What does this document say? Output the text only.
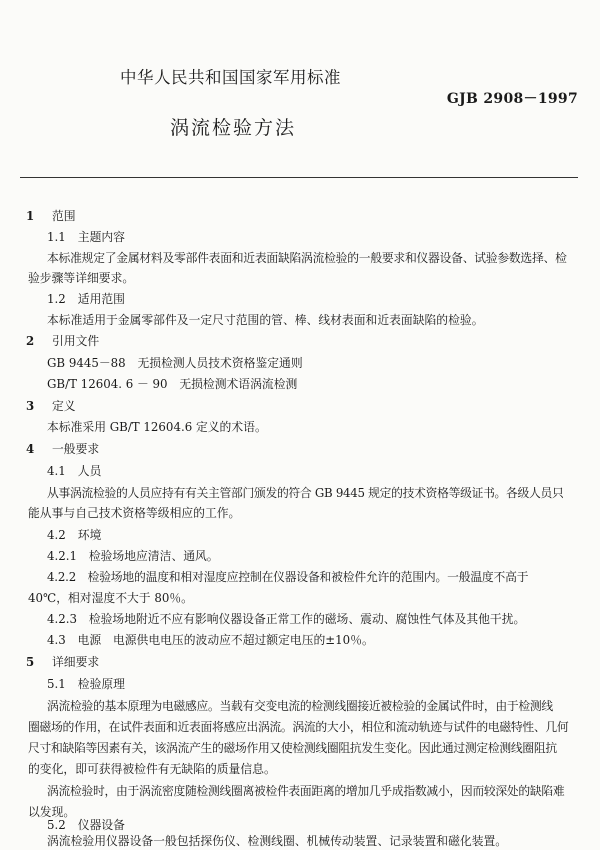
中华人民共和国国家军用标准
GJB 2908－1997
涡流检验方法
1 范围
1.1 主题内容
本标准规定了金属材料及零部件表面和近表面缺陷涡流检验的一般要求和仪器设备、试验参数选择、检
验步骤等详细要求。
1.2 适用范围
本标准适用于金属零部件及一定尺寸范围的管、棒、线材表面和近表面缺陷的检验。
2 引用文件
GB 9445－88　无损检测人员技术资格鉴定通则
GB/T 12604. 6 － 90　无损检测术语涡流检测
3 定义
本标准采用 GB/T 12604.6 定义的术语。
4 一般要求
4.1 人员
从事涡流检验的人员应持有有关主管部门颁发的符合 GB 9445 规定的技术资格等级证书。各级人员只
能从事与自己技术资格等级相应的工作。
4.2 环境
4.2.1　检验场地应清洁、通风。
4.2.2　检验场地的温度和相对湿度应控制在仪器设备和被检件允许的范围内。一般温度不高于
40℃，相对湿度不大于 80％。
4.2.3　检验场地附近不应有影响仪器设备正常工作的磁场、震动、腐蚀性气体及其他干扰。
4.3　电源　电源供电电压的波动应不超过额定电压的±10％。
5 详细要求
5.1 检验原理
涡流检验的基本原理为电磁感应。当载有交变电流的检测线圈接近被检验的金属试件时，由于检测线
圈磁场的作用，在试件表面和近表面将感应出涡流。涡流的大小，相位和流动轨迹与试件的电磁特性、几何
尺寸和缺陷等因素有关，该涡流产生的磁场作用又使检测线圈阻抗发生变化。因此通过测定检测线圈阻抗
的变化，即可获得被检件有无缺陷的质量信息。
涡流检验时，由于涡流密度随检测线圈离被检件表面距离的增加几乎成指数减小，因而较深处的缺陷难
以发现。
5.2 仪器设备
涡流检验用仪器设备一般包括探伤仪、检测线圈、机械传动装置、记录装置和磁化装置。
